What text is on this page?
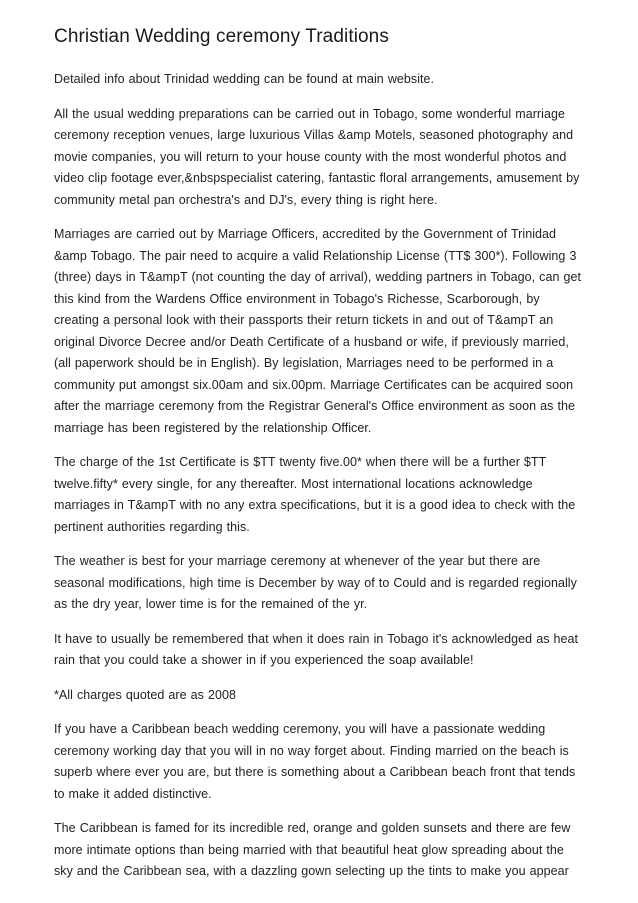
Christian Wedding ceremony Traditions

Detailed info about Trinidad wedding can be found at main website.

All the usual wedding preparations can be carried out in Tobago, some wonderful marriage ceremony reception venues, large luxurious Villas &amp Motels, seasoned photography and movie companies, you will return to your house county with the most wonderful photos and video clip footage ever,&nbspspecialist catering, fantastic floral arrangements, amusement by community metal pan orchestra's and DJ's, every thing is right here.

Marriages are carried out by Marriage Officers, accredited by the Government of Trinidad &amp Tobago. The pair need to acquire a valid Relationship License (TT$ 300*). Following 3 (three) days in T&ampT (not counting the day of arrival), wedding partners in Tobago, can get this kind from the Wardens Office environment in Tobago's Richesse, Scarborough, by creating a personal look with their passports their return tickets in and out of T&ampT an original Divorce Decree and/or Death Certificate of a husband or wife, if previously married,(all paperwork should be in English). By legislation, Marriages need to be performed in a community put amongst six.00am and six.00pm. Marriage Certificates can be acquired soon after the marriage ceremony from the Registrar General's Office environment as soon as the marriage has been registered by the relationship Officer.

The charge of the 1st Certificate is $TT twenty five.00* when there will be a further $TT twelve.fifty* every single, for any thereafter. Most international locations acknowledge marriages in T&ampT with no any extra specifications, but it is a good idea to check with the pertinent authorities regarding this.

The weather is best for your marriage ceremony at whenever of the year but there are seasonal modifications, high time is December by way of to Could and is regarded regionally as the dry year, lower time is for the remained of the yr.

It have to usually be remembered that when it does rain in Tobago it's acknowledged as heat rain that you could take a shower in if you experienced the soap available!

*All charges quoted are as 2008

If you have a Caribbean beach wedding ceremony, you will have a passionate wedding ceremony working day that you will in no way forget about. Finding married on the beach is superb where ever you are, but there is something about a Caribbean beach front that tends to make it added distinctive.

The Caribbean is famed for its incredible red, orange and golden sunsets and there are few more intimate options than being married with that beautiful heat glow spreading about the sky and the Caribbean sea, with a dazzling gown selecting up the tints to make you appear
